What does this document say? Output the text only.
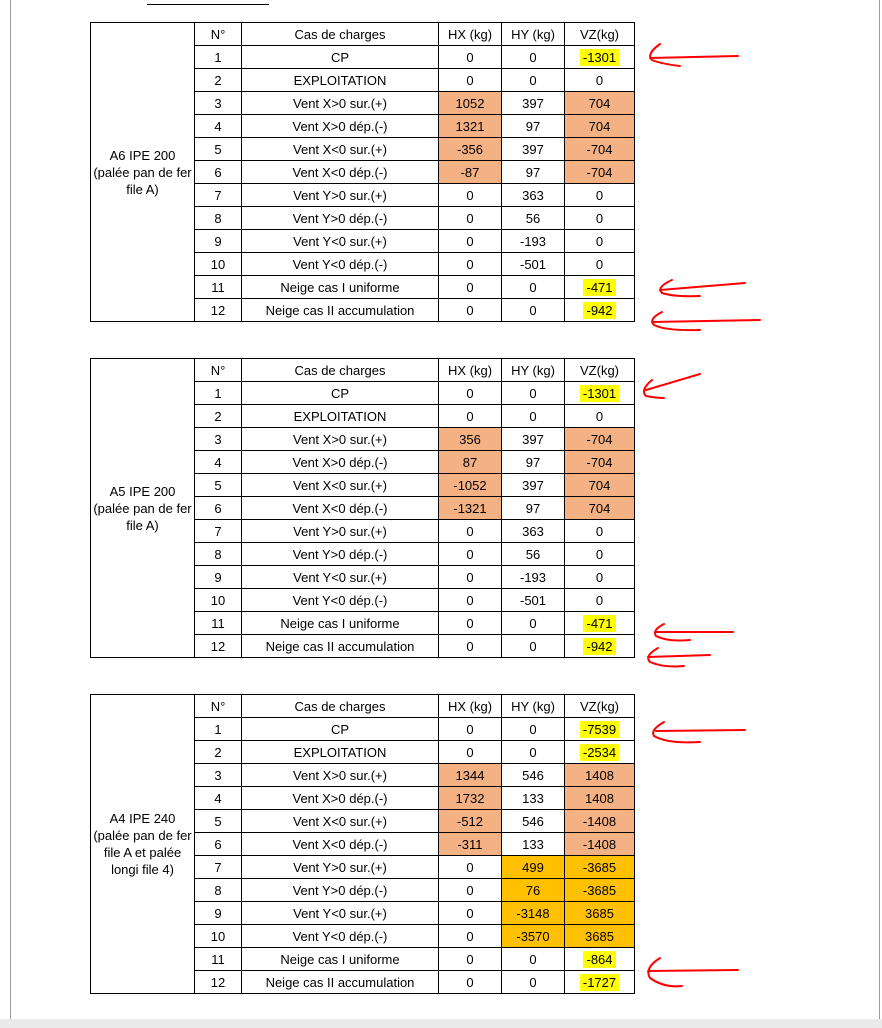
A6 IPE 200 (palée pan de fer file A)	N°	Cas de charges	HX (kg)	HY (kg)	VZ(kg)
	1	CP	0	0	-1301
	2	EXPLOITATION	0	0	0
	3	Vent X>0 sur.(+)	1052	397	704
	4	Vent X>0 dép.(-)	1321	97	704
	5	Vent X<0 sur.(+)	-356	397	-704
	6	Vent X<0 dép.(-)	-87	97	-704
	7	Vent Y>0 sur.(+)	0	363	0
	8	Vent Y>0 dép.(-)	0	56	0
	9	Vent Y<0 sur.(+)	0	-193	0
	10	Vent Y<0 dép.(-)	0	-501	0
	11	Neige cas I uniforme	0	0	-471
	12	Neige cas II accumulation	0	0	-942
A5 IPE 200 (palée pan de fer file A)	N°	Cas de charges	HX (kg)	HY (kg)	VZ(kg)
	1	CP	0	0	-1301
	2	EXPLOITATION	0	0	0
	3	Vent X>0 sur.(+)	356	397	-704
	4	Vent X>0 dép.(-)	87	97	-704
	5	Vent X<0 sur.(+)	-1052	397	704
	6	Vent X<0 dép.(-)	-1321	97	704
	7	Vent Y>0 sur.(+)	0	363	0
	8	Vent Y>0 dép.(-)	0	56	0
	9	Vent Y<0 sur.(+)	0	-193	0
	10	Vent Y<0 dép.(-)	0	-501	0
	11	Neige cas I uniforme	0	0	-471
	12	Neige cas II accumulation	0	0	-942
A4 IPE 240 (palée pan de fer file A et palée longi file 4)	N°	Cas de charges	HX (kg)	HY (kg)	VZ(kg)
	1	CP	0	0	-7539
	2	EXPLOITATION	0	0	-2534
	3	Vent X>0 sur.(+)	1344	546	1408
	4	Vent X>0 dép.(-)	1732	133	1408
	5	Vent X<0 sur.(+)	-512	546	-1408
	6	Vent X<0 dép.(-)	-311	133	-1408
	7	Vent Y>0 sur.(+)	0	499	-3685
	8	Vent Y>0 dép.(-)	0	76	-3685
	9	Vent Y<0 sur.(+)	0	-3148	3685
	10	Vent Y<0 dép.(-)	0	-3570	3685
	11	Neige cas I uniforme	0	0	-864
	12	Neige cas II accumulation	0	0	-1727
